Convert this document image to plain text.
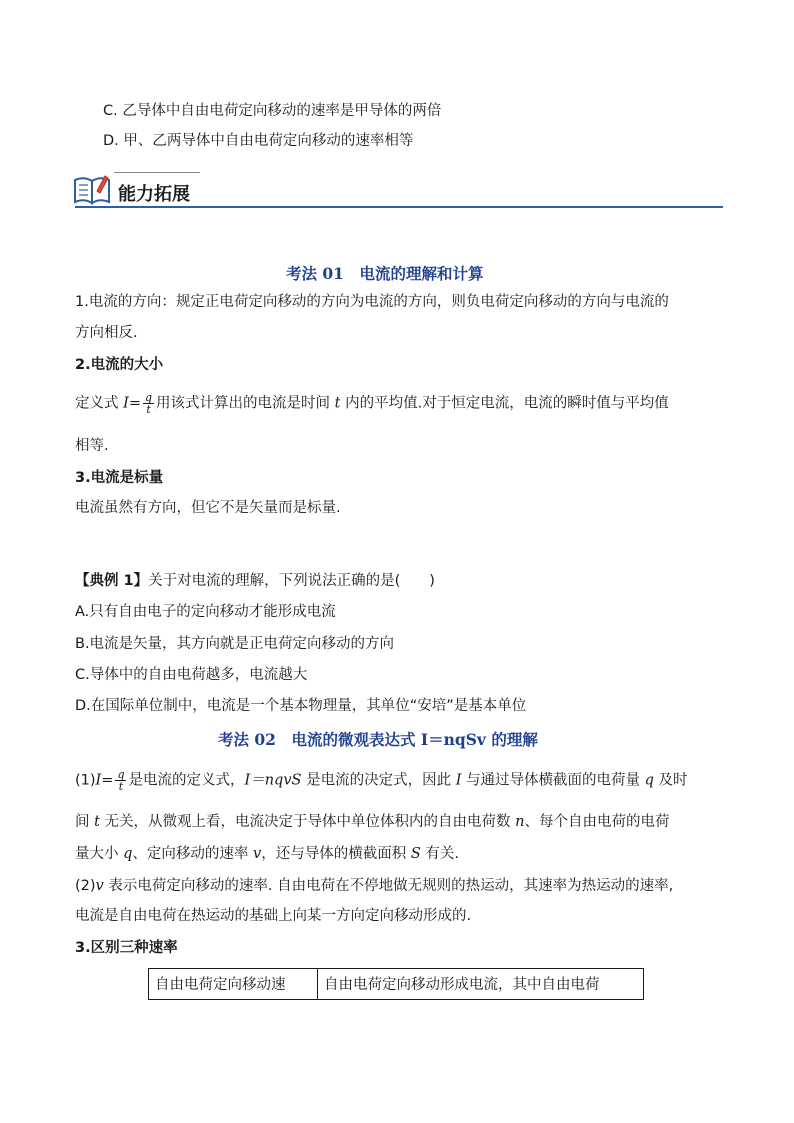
C. 乙导体中自由电荷定向移动的速率是甲导体的两倍
D. 甲、乙两导体中自由电荷定向移动的速率相等
能力拓展
考法 01　电流的理解和计算
1.电流的方向：规定正电荷定向移动的方向为电流的方向，则负电荷定向移动的方向与电流的
方向相反.
2.电流的大小
定义式 $I= \frac{q}{t}$ 用该式计算出的电流是时间 t 内的平均值.对于恒定电流，电流的瞬时值与平均值
相等.
3.电流是标量
电流虽然有方向，但它不是矢量而是标量.
【典例 1】关于对电流的理解，下列说法正确的是(　　)
A.只有自由电子的定向移动才能形成电流
B.电流是矢量，其方向就是正电荷定向移动的方向
C.导体中的自由电荷越多，电流越大
D.在国际单位制中，电流是一个基本物理量，其单位“安培”是基本单位
考法 02　电流的微观表达式 I＝nqSv 的理解
$(1)I= \frac{q}{t}$ 是电流的定义式，I＝nqvS 是电流的决定式，因此 I 与通过导体横截面的电荷量 q 及时
间 t 无关，从微观上看，电流决定于导体中单位体积内的自由电荷数 n、每个自由电荷的电荷
量大小 q、定向移动的速率 v，还与导体的横截面积 S 有关.
(2)v 表示电荷定向移动的速率. 自由电荷在不停地做无规则的热运动，其速率为热运动的速率,
电流是自由电荷在热运动的基础上向某一方向定向移动形成的.
3.区别三种速率
自由电荷定向移动速	自由电荷定向移动形成电流，其中自由电荷
